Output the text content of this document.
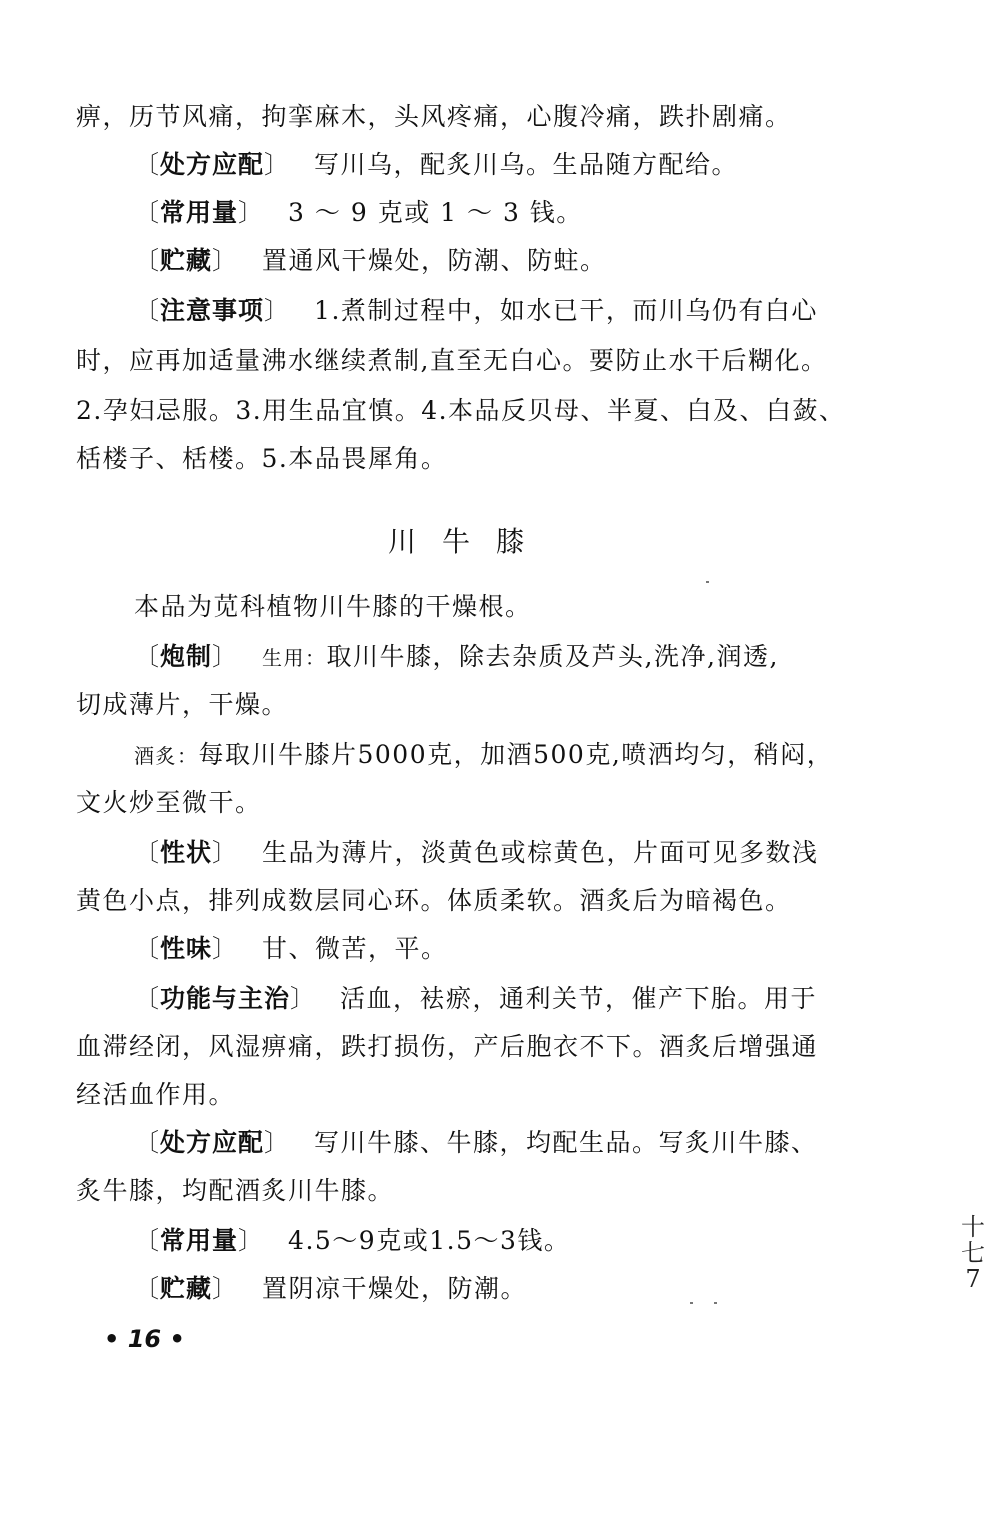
痹，历节风痛，拘挛麻木，头风疼痛，心腹冷痛，跌扑剧痛。
〔处方应配〕 写川乌，配炙川乌。生品随方配给。
〔常用量〕 3 ～ 9 克或 1 ～ 3 钱。
〔贮藏〕 置通风干燥处，防潮、防蛀。
〔注意事项〕 1.煮制过程中，如水已干，而川乌仍有白心
时，应再加适量沸水继续煮制,直至无白心。要防止水干后糊化。
2.孕妇忌服。3.用生品宜慎。4.本品反贝母、半夏、白及、白蔹、
栝楼子、栝楼。5.本品畏犀角。
川牛膝
本品为苋科植物川牛膝的干燥根。
〔炮制〕 生用：取川牛膝，除去杂质及芦头,洗净,润透,
切成薄片，干燥。
酒炙：每取川牛膝片5000克，加酒500克,喷洒均匀，稍闷，
文火炒至微干。
〔性状〕 生品为薄片，淡黄色或棕黄色，片面可见多数浅
黄色小点，排列成数层同心环。体质柔软。酒炙后为暗褐色。
〔性味〕 甘、微苦，平。
〔功能与主治〕 活血，袪瘀，通利关节，催产下胎。用于
血滞经闭，风湿痹痛，跌打损伤，产后胞衣不下。酒炙后增强通
经活血作用。
〔处方应配〕 写川牛膝、牛膝，均配生品。写炙川牛膝、
炙牛膝，均配酒炙川牛膝。
〔常用量〕 4.5～9克或1.5～3钱。
〔贮藏〕 置阴凉干燥处，防潮。
• 16 •
十七7
